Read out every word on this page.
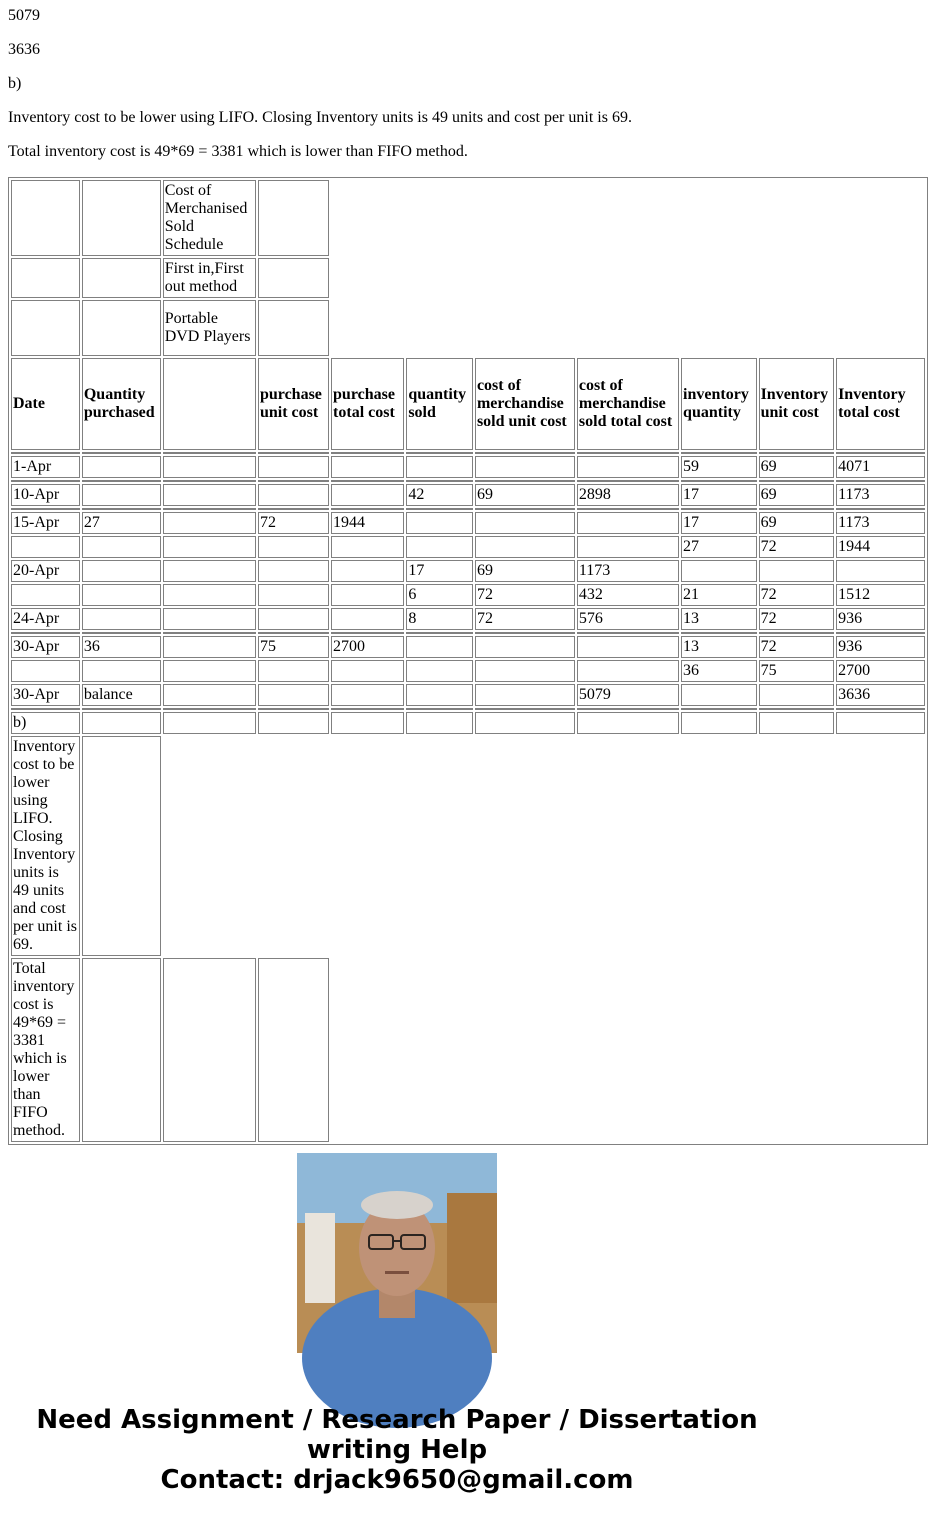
5079

3636

b)

Inventory cost to be lower using LIFO. Closing Inventory units is 49 units and cost per unit is 69.

Total inventory cost is 49*69 = 3381 which is lower than FIFO method.

		Cost of Merchanised Sold Schedule								
		First in,First out method								
		Portable DVD Players								
Date	Quantity purchased		purchase unit cost	purchase total cost	quantity sold	cost of merchandise sold unit cost	cost of merchandise sold total cost	inventory quantity	Inventory unit cost	Inventory total cost

1-Apr								59	69	4071

10-Apr					42	69	2898	17	69	1173

15-Apr	27		72	1944				17	69	1173
								27	72	1944
20-Apr					17	69	1173			
					6	72	432	21	72	1512
24-Apr					8	72	576	13	72	936

30-Apr	36		75	2700				13	72	936
								36	75	2700
30-Apr	balance						5079			3636

b)										
Inventory cost to be lower using LIFO. Closing Inventory units is 49 units and cost per unit is 69.										
Total inventory cost is 49*69 = 3381 which is lower than FIFO method.										
Need Assignment / Research Paper / Dissertation
writing Help
Contact: drjack9650@gmail.com
